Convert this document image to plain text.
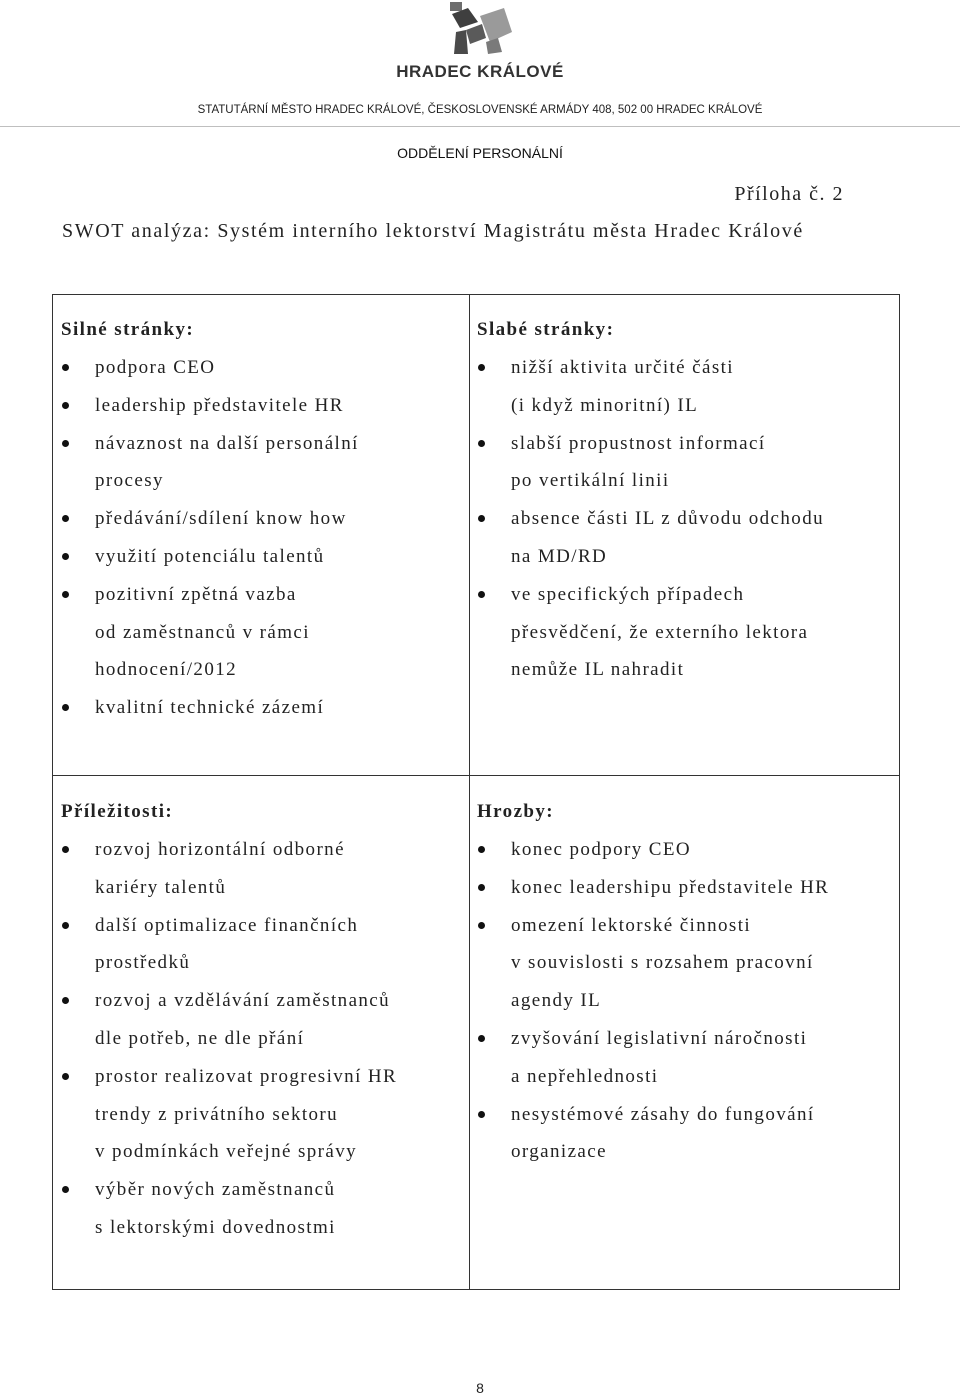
HRADEC KRÁLOVÉ
STATUTÁRNÍ MĚSTO HRADEC KRÁLOVÉ, ČESKOSLOVENSKÉ ARMÁDY 408, 502 00 HRADEC KRÁLOVÉ
ODDĚLENÍ PERSONÁLNÍ
Příloha č. 2
SWOT analýza: Systém interního lektorství Magistrátu města Hradec Králové
Silné stránky:
podpora CEO
leadership představitele HR
návaznost na další personální
procesy
předávání/sdílení know how
využití potenciálu talentů
pozitivní zpětná vazba
od zaměstnanců v rámci
hodnocení/2012
kvalitní technické zázemí
Slabé stránky:
nižší aktivita určité části
(i když minoritní) IL
slabší propustnost informací
po vertikální linii
absence části IL z důvodu odchodu
na MD/RD
ve specifických případech
přesvědčení, že externího lektora
nemůže IL nahradit
Příležitosti:
rozvoj horizontální odborné
kariéry talentů
další optimalizace finančních
prostředků
rozvoj a vzdělávání zaměstnanců
dle potřeb, ne dle přání
prostor realizovat progresivní HR
trendy z privátního sektoru
v podmínkách veřejné správy
výběr nových zaměstnanců
s lektorskými dovednostmi
Hrozby:
konec podpory CEO
konec leadershipu představitele HR
omezení lektorské činnosti
v souvislosti s rozsahem pracovní
agendy IL
zvyšování legislativní náročnosti
a nepřehlednosti
nesystémové zásahy do fungování
organizace
8
